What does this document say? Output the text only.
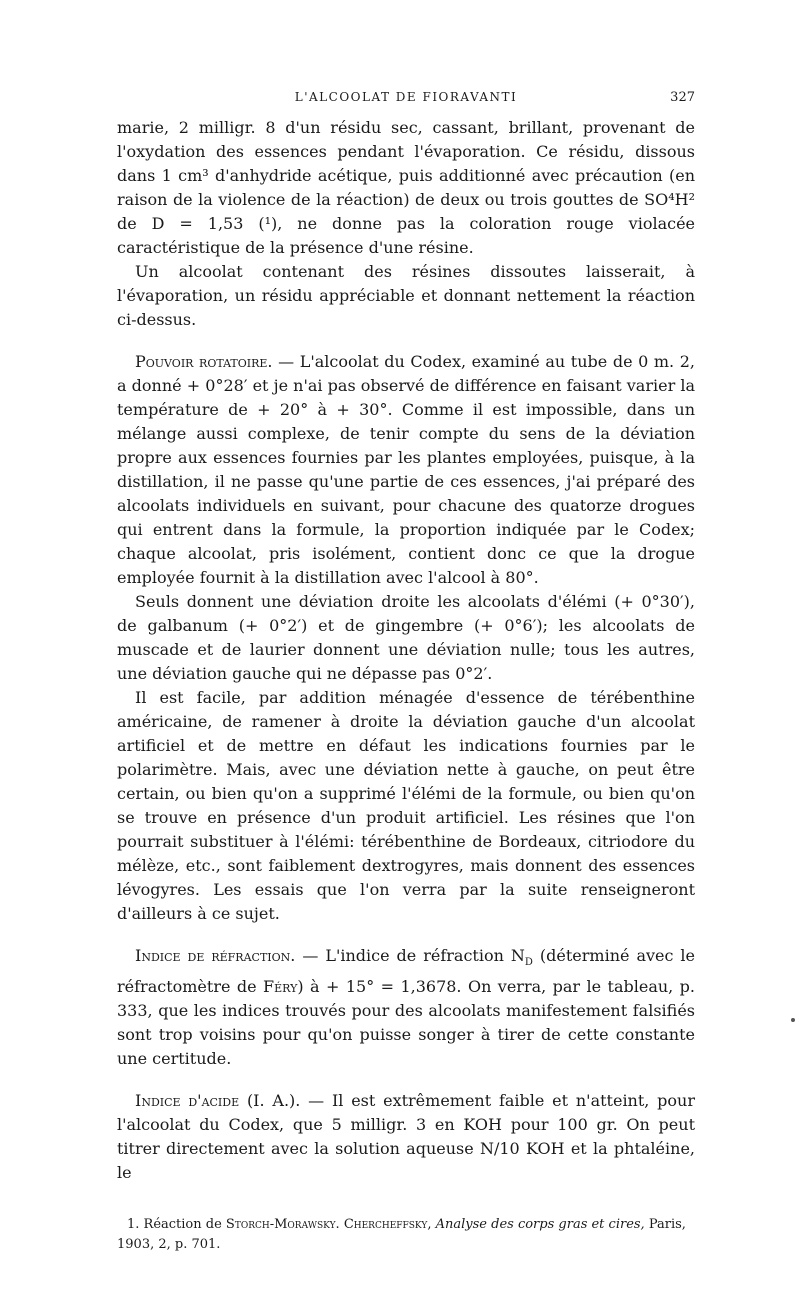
L'ALCOOLAT DE FIORAVANTI	327

marie, 2 milligr. 8 d'un résidu sec, cassant, brillant, provenant de l'oxydation des essences pendant l'évaporation. Ce résidu, dissous dans 1 cm³ d'anhydride acétique, puis additionné avec précaution (en raison de la violence de la réaction) de deux ou trois gouttes de SO⁴H² de D = 1,53 (¹), ne donne pas la coloration rouge violacée caractéristique de la présence d'une résine.

Un alcoolat contenant des résines dissoutes laisserait, à l'évaporation, un résidu appréciable et donnant nettement la réaction ci-dessus.

Pouvoir rotatoire. — L'alcoolat du Codex, examiné au tube de 0 m. 2, a donné + 0°28′ et je n'ai pas observé de différence en faisant varier la température de + 20° à + 30°. Comme il est impossible, dans un mélange aussi complexe, de tenir compte du sens de la déviation propre aux essences fournies par les plantes employées, puisque, à la distillation, il ne passe qu'une partie de ces essences, j'ai préparé des alcoolats individuels en suivant, pour chacune des quatorze drogues qui entrent dans la formule, la proportion indiquée par le Codex; chaque alcoolat, pris isolément, contient donc ce que la drogue employée fournit à la distillation avec l'alcool à 80°.

Seuls donnent une déviation droite les alcoolats d'élémi (+ 0°30′), de galbanum (+ 0°2′) et de gingembre (+ 0°6′); les alcoolats de muscade et de laurier donnent une déviation nulle; tous les autres, une déviation gauche qui ne dépasse pas 0°2′.

Il est facile, par addition ménagée d'essence de térébenthine américaine, de ramener à droite la déviation gauche d'un alcoolat artificiel et de mettre en défaut les indications fournies par le polarimètre. Mais, avec une déviation nette à gauche, on peut être certain, ou bien qu'on a supprimé l'élémi de la formule, ou bien qu'on se trouve en présence d'un produit artificiel. Les résines que l'on pourrait substituer à l'élémi: térébenthine de Bordeaux, citriodore du mélèze, etc., sont faiblement dextrogyres, mais donnent des essences lévogyres. Les essais que l'on verra par la suite renseigneront d'ailleurs à ce sujet.

Indice de réfraction. — L'indice de réfraction $N_D$ (déterminé avec le réfractomètre de Féry) à + 15° = 1,3678. On verra, par le tableau, p. 333, que les indices trouvés pour des alcoolats manifestement falsifiés sont trop voisins pour qu'on puisse songer à tirer de cette constante une certitude.

Indice d'acide (I. A.). — Il est extrêmement faible et n'atteint, pour l'alcoolat du Codex, que 5 milligr. 3 en KOH pour 100 gr. On peut titrer directement avec la solution aqueuse N/10 KOH et la phtaléine, le

1. Réaction de Storch-Morawsky. Chercheffsky, Analyse des corps gras et cires, Paris, 1903, 2, p. 701.
